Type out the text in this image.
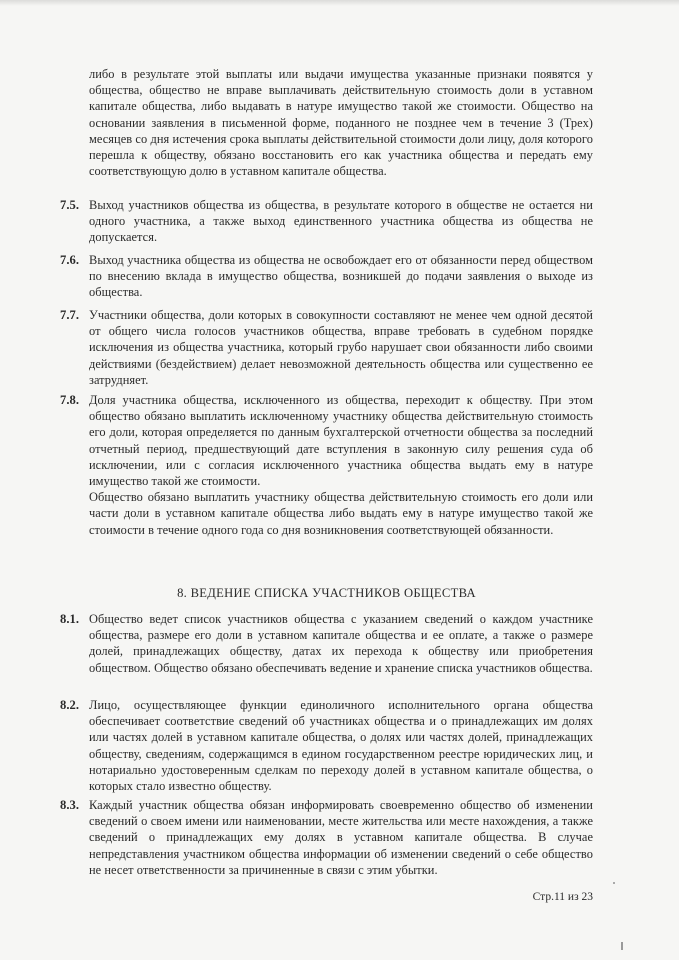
либо в результате этой выплаты или выдачи имущества указанные признаки появятся у общества, общество не вправе выплачивать действительную стоимость доли в уставном капитале общества, либо выдавать в натуре имущество такой же стоимости. Общество на основании заявления в письменной форме, поданного не позднее чем в течение 3 (Трех) месяцев со дня истечения срока выплаты действительной стоимости доли лицу, доля которого перешла к обществу, обязано восстановить его как участника общества и передать ему соответствующую долю в уставном капитале общества.
7.5. Выход участников общества из общества, в результате которого в обществе не остается ни одного участника, а также выход единственного участника общества из общества не допускается.

7.6. Выход участника общества из общества не освобождает его от обязанности перед обществом по внесению вклада в имущество общества, возникшей до подачи заявления о выходе из общества.

7.7. Участники общества, доли которых в совокупности составляют не менее чем одной десятой от общего числа голосов участников общества, вправе требовать в судебном порядке исключения из общества участника, который грубо нарушает свои обязанности либо своими действиями (бездействием) делает невозможной деятельность общества или существенно ее затрудняет.

7.8. Доля участника общества, исключенного из общества, переходит к обществу. При этом общество обязано выплатить исключенному участнику общества действительную стоимость его доли, которая определяется по данным бухгалтерской отчетности общества за последний отчетный период, предшествующий дате вступления в законную силу решения суда об исключении, или с согласия исключенного участника общества выдать ему в натуре имущество такой же стоимости.

Общество обязано выплатить участнику общества действительную стоимость его доли или части доли в уставном капитале общества либо выдать ему в натуре имущество такой же стоимости в течение одного года со дня возникновения соответствующей обязанности.

8. ВЕДЕНИЕ СПИСКА УЧАСТНИКОВ ОБЩЕСТВА
8.1. Общество ведет список участников общества с указанием сведений о каждом участнике общества, размере его доли в уставном капитале общества и ее оплате, а также о размере долей, принадлежащих обществу, датах их перехода к обществу или приобретения обществом. Общество обязано обеспечивать ведение и хранение списка участников общества.

8.2. Лицо, осуществляющее функции единоличного исполнительного органа общества обеспечивает соответствие сведений об участниках общества и о принадлежащих им долях или частях долей в уставном капитале общества, о долях или частях долей, принадлежащих обществу, сведениям, содержащимся в едином государственном реестре юридических лиц, и нотариально удостоверенным сделкам по переходу долей в уставном капитале общества, о которых стало известно обществу.

8.3. Каждый участник общества обязан информировать своевременно общество об изменении сведений о своем имени или наименовании, месте жительства или месте нахождения, а также сведений о принадлежащих ему долях в уставном капитале общества. В случае непредставления участником общества информации об изменении сведений о себе общество не несет ответственности за причиненные в связи с этим убытки.

Стр.11 из 23
